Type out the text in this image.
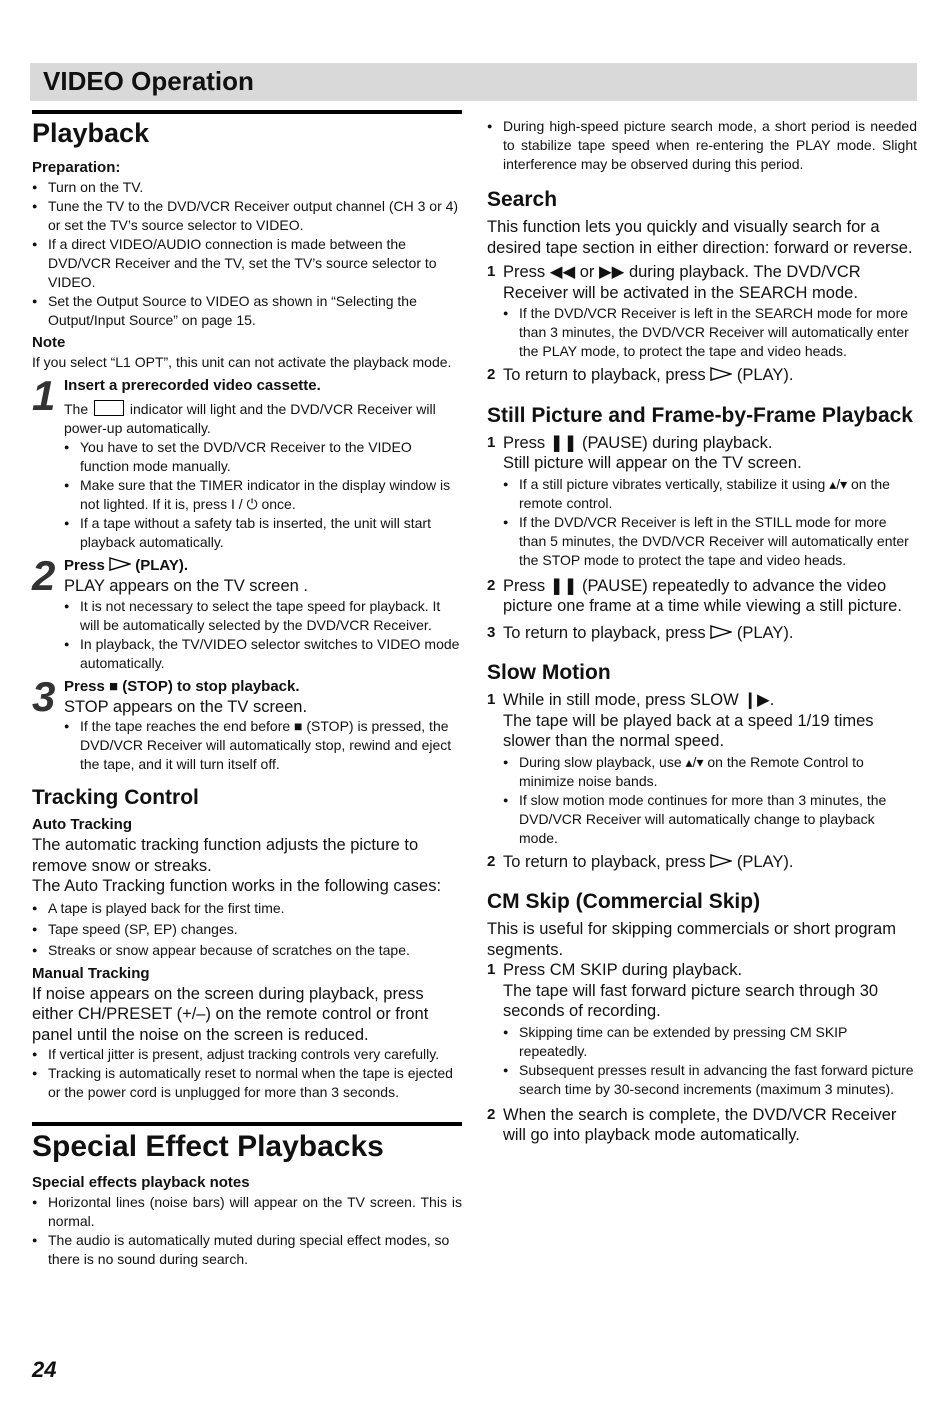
VIDEO Operation
Playback
Preparation:
● Turn on the TV.
● Tune the TV to the DVD/VCR Receiver output channel (CH 3 or 4) or set the TV’s source selector to VIDEO.
● If a direct VIDEO/AUDIO connection is made between the DVD/VCR Receiver and the TV, set the TV’s source selector to VIDEO.
● Set the Output Source to VIDEO as shown in “Selecting the Output/Input Source” on page 15.
Note

If you select “L1 OPT”, this unit can not activate the playback mode.

1 Insert a prerecorded video cassette.

The	indicator will light and the DVD/VCR Receiver will power-up automatically.

● You have to set the DVD/VCR Receiver to the VIDEO function mode manually.
● Make sure that the TIMER indicator in the display window is not lighted. If it is, press I / ⏻ once.
● If a tape without a safety tab is inserted, the unit will start playback automatically.
2 Press (PLAY).

PLAY appears on the TV screen .

● It is not necessary to select the tape speed for playback. It will be automatically selected by the DVD/VCR Receiver.
● In playback, the TV/VIDEO selector switches to VIDEO mode automatically.
3 Press ■ (STOP) to stop playback.

STOP appears on the TV screen.

● If the tape reaches the end before ■ (STOP) is pressed, the DVD/VCR Receiver will automatically stop, rewind and eject the tape, and it will turn itself off.
Tracking Control
Auto Tracking

The automatic tracking function adjusts the picture to remove snow or streaks.

The Auto Tracking function works in the following cases:

● A tape is played back for the first time.
● Tape speed (SP, EP) changes.
● Streaks or snow appear because of scratches on the tape.
Manual Tracking

If noise appears on the screen during playback, press either CH/PRESET (+/–) on the remote control or front panel until the noise on the screen is reduced.

● If vertical jitter is present, adjust tracking controls very carefully.
● Tracking is automatically reset to normal when the tape is ejected or the power cord is unplugged for more than 3 seconds.
Special Effect Playbacks
Special effects playback notes
● Horizontal lines (noise bars) will appear on the TV screen. This is normal.
● The audio is automatically muted during special effect modes, so there is no sound during search.
● During high-speed picture search mode, a short period is needed to stabilize tape speed when re-entering the PLAY mode. Slight interference may be observed during this period.
Search

This function lets you quickly and visually search for a desired tape section in either direction: forward or reverse.

1 Press ◀◀ or ▶▶ during playback. The DVD/VCR Receiver will be activated in the SEARCH mode.
● If the DVD/VCR Receiver is left in the SEARCH mode for more than 3 minutes, the DVD/VCR Receiver will automatically enter the PLAY mode, to protect the tape and video heads.
2 To return to playback, press (PLAY).
Still Picture and Frame-by-Frame Playback
1 Press ❚❚ (PAUSE) during playback.
Still picture will appear on the TV screen.
● If a still picture vibrates vertically, stabilize it using ▴/▾ on the remote control.
● If the DVD/VCR Receiver is left in the STILL mode for more than 5 minutes, the DVD/VCR Receiver will automatically enter the STOP mode to protect the tape and video heads.
2 Press ❚❚ (PAUSE) repeatedly to advance the video picture one frame at a time while viewing a still picture.
3 To return to playback, press (PLAY).
Slow Motion
1 While in still mode, press SLOW ❙▶.
The tape will be played back at a speed 1/19 times slower than the normal speed.
● During slow playback, use ▴/▾ on the Remote Control to minimize noise bands.
● If slow motion mode continues for more than 3 minutes, the DVD/VCR Receiver will automatically change to playback mode.
2 To return to playback, press (PLAY).
CM Skip (Commercial Skip)

This is useful for skipping commercials or short program segments.

1 Press CM SKIP during playback.
The tape will fast forward picture search through 30 seconds of recording.
● Skipping time can be extended by pressing CM SKIP repeatedly.
● Subsequent presses result in advancing the fast forward picture search time by 30-second increments (maximum 3 minutes).
2 When the search is complete, the DVD/VCR Receiver will go into playback mode automatically.
24
